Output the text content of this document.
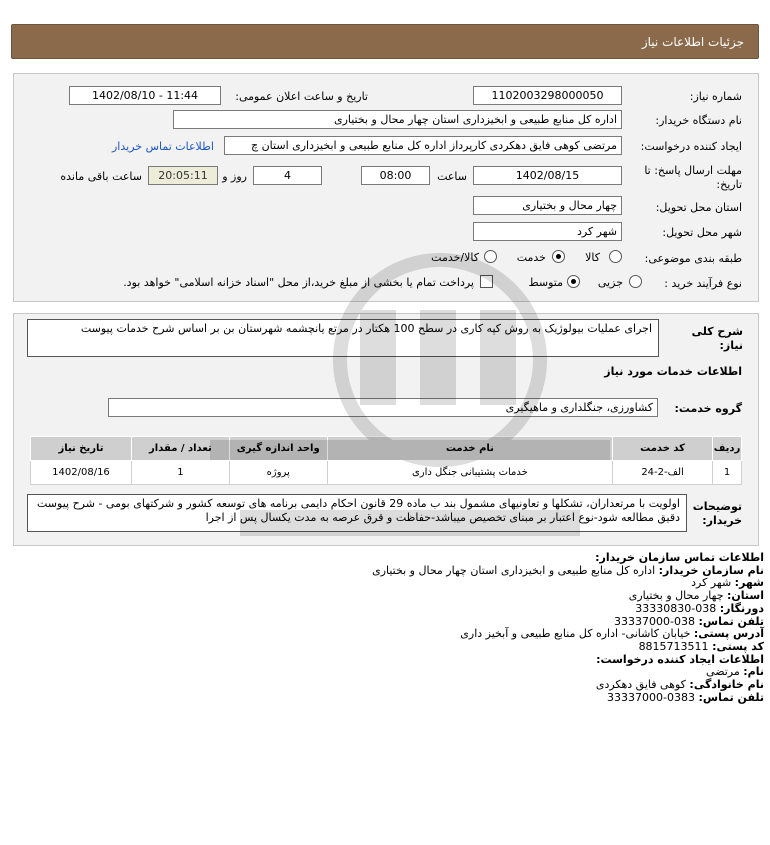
جزئیات اطلاعات نیاز
شماره نیاز:
1102003298000050
تاریخ و ساعت اعلان عمومی:
1402/08/10 - 11:44
نام دستگاه خریدار:
اداره کل منابع طبیعی و ابخیزداری استان چهار محال و بختیاری
ایجاد کننده درخواست:
مرتضی کوهی فایق دهکردی کارپرداز اداره کل منابع طبیعی و ابخیزداری استان چ
اطلاعات تماس خریدار
مهلت ارسال پاسخ: تا
تاریخ:
1402/08/15
ساعت
08:00
4
روز و
20:05:11
ساعت باقی مانده
استان محل تحویل:
چهار محال و بختیاری
شهر محل تحویل:
شهر کرد
طبقه بندی موضوعی:
کالا
خدمت
کالا/خدمت
نوع فرآیند خرید :
جزیی
متوسط
پرداخت تمام یا بخشی از مبلغ خرید،از محل "اسناد خزانه اسلامی" خواهد بود.
شرح کلی
نیاز:
اجرای عملیات بیولوژیک به روش کپه کاری در سطح 100 هکتار در مرتع یانچشمه شهرستان بن بر اساس شرح خدمات پیوست
اطلاعات خدمات مورد نیاز
گروه خدمت:
کشاورزی، جنگلداری و ماهیگیری
ردیف	کد خدمت	نام خدمت	واحد اندازه گیری	تعداد / مقدار	تاریخ نیاز
1	الف-2-24	خدمات پشتیبانی جنگل داری	پروژه	1	1402/08/16
توضیحات
خریدار:
اولویت با مرتعداران، تشکلها و تعاونیهای مشمول بند ب ماده 29 قانون احکام دایمی برنامه های توسعه کشور و شرکتهای بومی - شرح پیوست دقیق مطالعه شود-نوع اعتبار بر مبنای تخصیص میباشد-حفاظت و قرق عرصه به مدت یکسال پس از اجرا
اطلاعات تماس سازمان خریدار:
نام سازمان خریدار: اداره کل منابع طبیعی و ابخیزداری استان چهار محال و بختیاری
شهر: شهر کرد
استان: چهار محال و بختیاری
دورنگار: 038-33330830
تلفن تماس: 038-33337000
آدرس پستی: خیابان کاشانی- اداره کل منابع طبیعی و آبخیز داری
کد پستی: 8815713511
اطلاعات ایجاد کننده درخواست:
نام: مرتضی
نام خانوادگی: کوهی فایق دهکردی
تلفن تماس: 0383-33337000
